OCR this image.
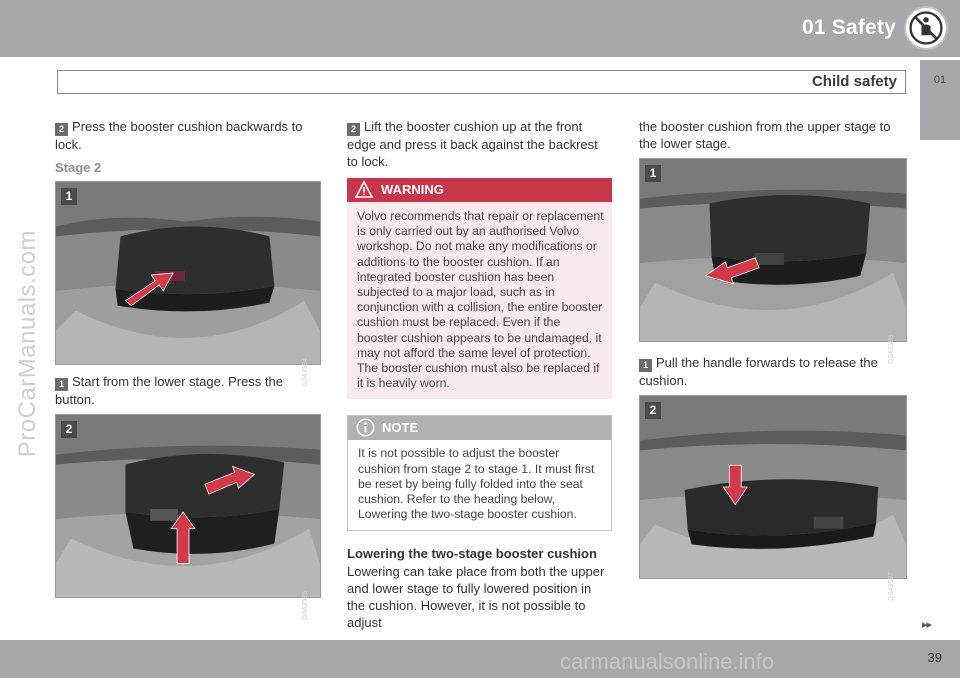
01 Safety
01
Child safety
ProCarManuals.com
2 Press the booster cushion backwards to lock.
Stage 2
1
G043584
1 Start from the lower stage. Press the button.
2
G043585
2 Lift the booster cushion up at the front edge and press it back against the backrest to lock.
WARNING
Volvo recommends that repair or replacement is only carried out by an authorised Volvo workshop. Do not make any modifications or additions to the booster cushion. If an integrated booster cushion has been subjected to a major load, such as in conjunction with a collision, the entire booster cushion must be replaced. Even if the booster cushion appears to be undamaged, it may not afford the same level of protection. The booster cushion must also be replaced if it is heavily worn.
NOTE
It is not possible to adjust the booster cushion from stage 2 to stage 1. It must first be reset by being fully folded into the seat cushion. Refer to the heading below, Lowering the two-stage booster cushion.
Lowering the two-stage booster cushion
Lowering can take place from both the upper and lower stage to fully lowered position in the cushion. However, it is not possible to adjust
the booster cushion from the upper stage to the lower stage.
1
G043586
1 Pull the handle forwards to release the cushion.
2
G043587
▸▸
carmanualsonline.info	39
